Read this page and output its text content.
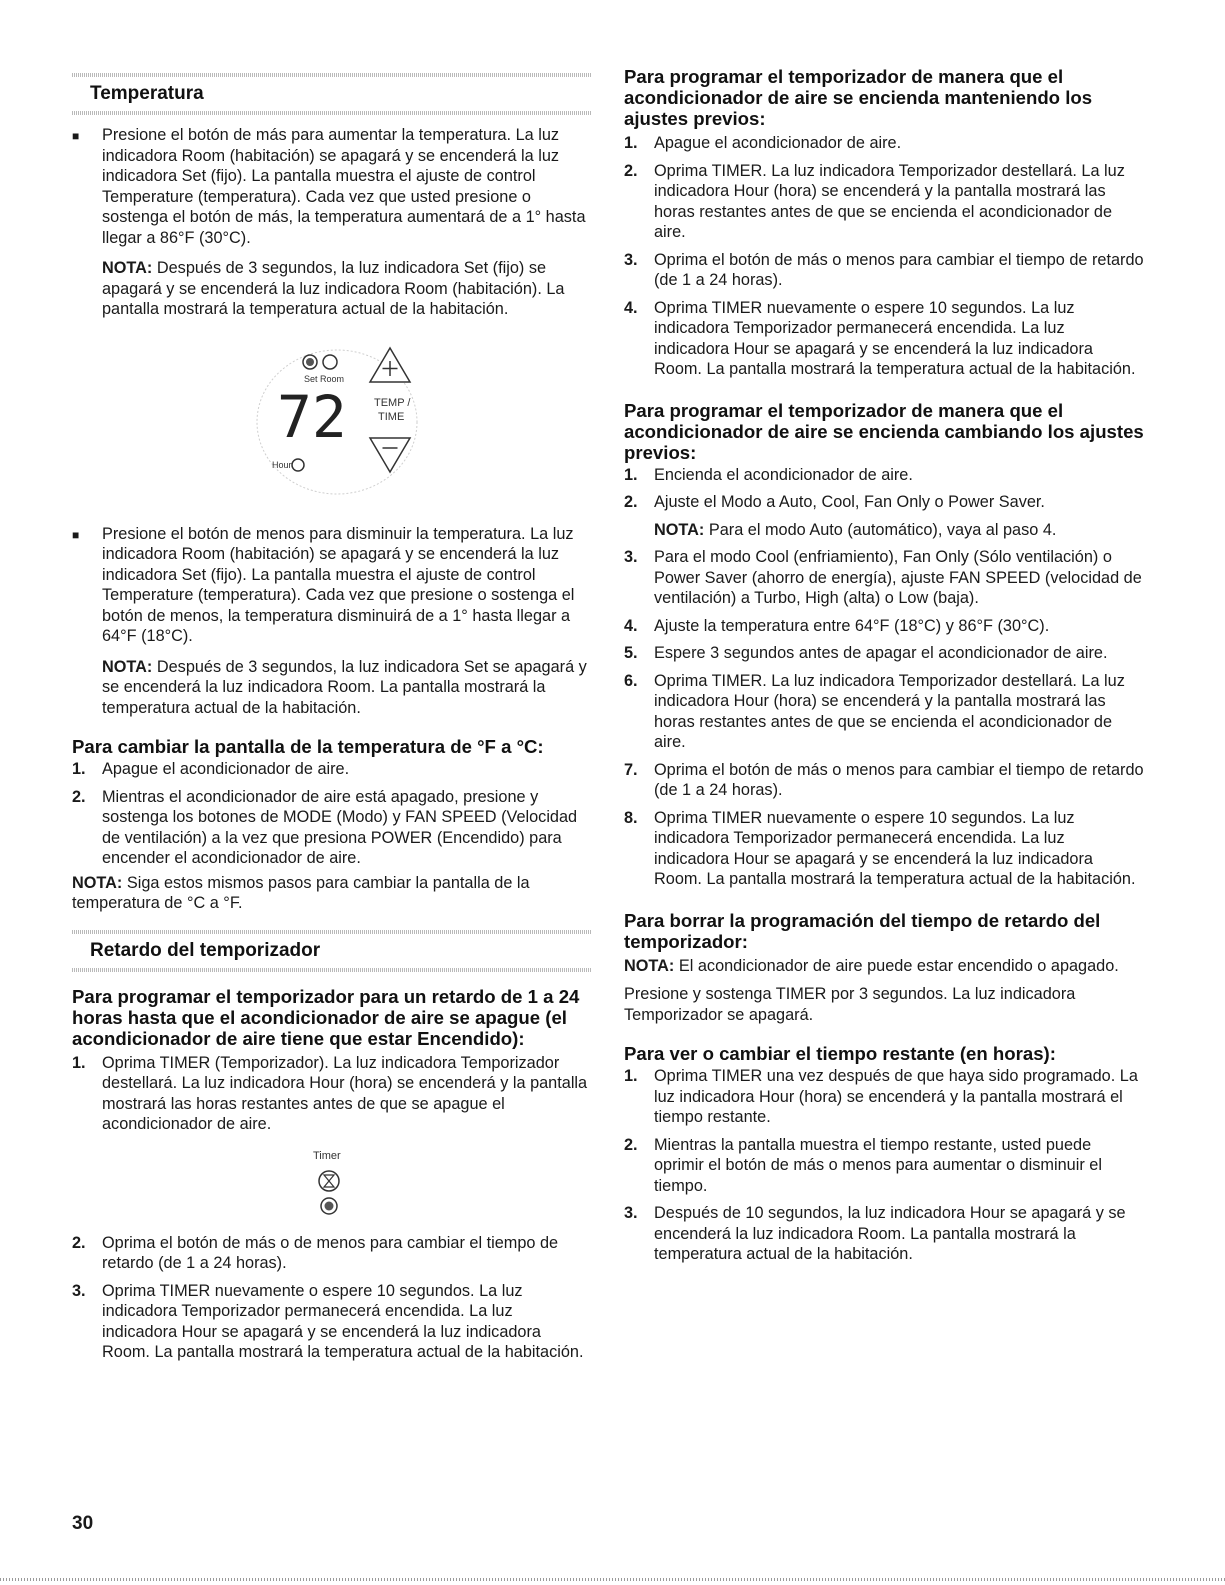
Temperatura
■ Presione el botón de más para aumentar la temperatura. La luz indicadora Room (habitación) se apagará y se encenderá la luz indicadora Set (fijo). La pantalla muestra el ajuste de control Temperature (temperatura). Cada vez que usted presione o sostenga el botón de más, la temperatura aumentará de a 1° hasta llegar a 86°F (30°C).

NOTA: Después de 3 segundos, la luz indicadora Set (fijo) se apagará y se encenderá la luz indicadora Room (habitación). La pantalla mostrará la temperatura actual de la habitación.

Set Room
72 TEMP /
TIME
Hour
■ Presione el botón de menos para disminuir la temperatura. La luz indicadora Room (habitación) se apagará y se encenderá la luz indicadora Set (fijo). La pantalla muestra el ajuste de control Temperature (temperatura). Cada vez que presione o sostenga el botón de menos, la temperatura disminuirá de a 1° hasta llegar a 64°F (18°C).

NOTA: Después de 3 segundos, la luz indicadora Set se apagará y se encenderá la luz indicadora Room. La pantalla mostrará la temperatura actual de la habitación.

Para cambiar la pantalla de la temperatura de °F a °C:
1. Apague el acondicionador de aire.
2. Mientras el acondicionador de aire está apagado, presione y sostenga los botones de MODE (Modo) y FAN SPEED (Velocidad de ventilación) a la vez que presiona POWER (Encendido) para encender el acondicionador de aire.

NOTA: Siga estos mismos pasos para cambiar la pantalla de la temperatura de °C a °F.

Retardo del temporizador
Para programar el temporizador para un retardo de 1 a 24 horas hasta que el acondicionador de aire se apague (el acondicionador de aire tiene que estar Encendido):
1. Oprima TIMER (Temporizador). La luz indicadora Temporizador destellará. La luz indicadora Hour (hora) se encenderá y la pantalla mostrará las horas restantes antes de que se apague el acondicionador de aire.
Timer
2. Oprima el botón de más o de menos para cambiar el tiempo de retardo (de 1 a 24 horas).
3. Oprima TIMER nuevamente o espere 10 segundos. La luz indicadora Temporizador permanecerá encendida. La luz indicadora Hour se apagará y se encenderá la luz indicadora Room. La pantalla mostrará la temperatura actual de la habitación.
Para programar el temporizador de manera que el acondicionador de aire se encienda manteniendo los ajustes previos:
1. Apague el acondicionador de aire.
2. Oprima TIMER. La luz indicadora Temporizador destellará. La luz indicadora Hour (hora) se encenderá y la pantalla mostrará las horas restantes antes de que se encienda el acondicionador de aire.
3. Oprima el botón de más o menos para cambiar el tiempo de retardo (de 1 a 24 horas).
4. Oprima TIMER nuevamente o espere 10 segundos. La luz indicadora Temporizador permanecerá encendida. La luz indicadora Hour se apagará y se encenderá la luz indicadora Room. La pantalla mostrará la temperatura actual de la habitación.
Para programar el temporizador de manera que el acondicionador de aire se encienda cambiando los ajustes previos:
1. Encienda el acondicionador de aire.
2. Ajuste el Modo a Auto, Cool, Fan Only o Power Saver.

NOTA: Para el modo Auto (automático), vaya al paso 4.

3. Para el modo Cool (enfriamiento), Fan Only (Sólo ventilación) o Power Saver (ahorro de energía), ajuste FAN SPEED (velocidad de ventilación) a Turbo, High (alta) o Low (baja).
4. Ajuste la temperatura entre 64°F (18°C) y 86°F (30°C).
5. Espere 3 segundos antes de apagar el acondicionador de aire.
6. Oprima TIMER. La luz indicadora Temporizador destellará. La luz indicadora Hour (hora) se encenderá y la pantalla mostrará las horas restantes antes de que se encienda el acondicionador de aire.
7. Oprima el botón de más o menos para cambiar el tiempo de retardo (de 1 a 24 horas).
8. Oprima TIMER nuevamente o espere 10 segundos. La luz indicadora Temporizador permanecerá encendida. La luz indicadora Hour se apagará y se encenderá la luz indicadora Room. La pantalla mostrará la temperatura actual de la habitación.
Para borrar la programación del tiempo de retardo del temporizador:

NOTA: El acondicionador de aire puede estar encendido o apagado.

Presione y sostenga TIMER por 3 segundos. La luz indicadora Temporizador se apagará.

Para ver o cambiar el tiempo restante (en horas):
1. Oprima TIMER una vez después de que haya sido programado. La luz indicadora Hour (hora) se encenderá y la pantalla mostrará el tiempo restante.
2. Mientras la pantalla muestra el tiempo restante, usted puede oprimir el botón de más o menos para aumentar o disminuir el tiempo.
3. Después de 10 segundos, la luz indicadora Hour se apagará y se encenderá la luz indicadora Room. La pantalla mostrará la temperatura actual de la habitación.
30
